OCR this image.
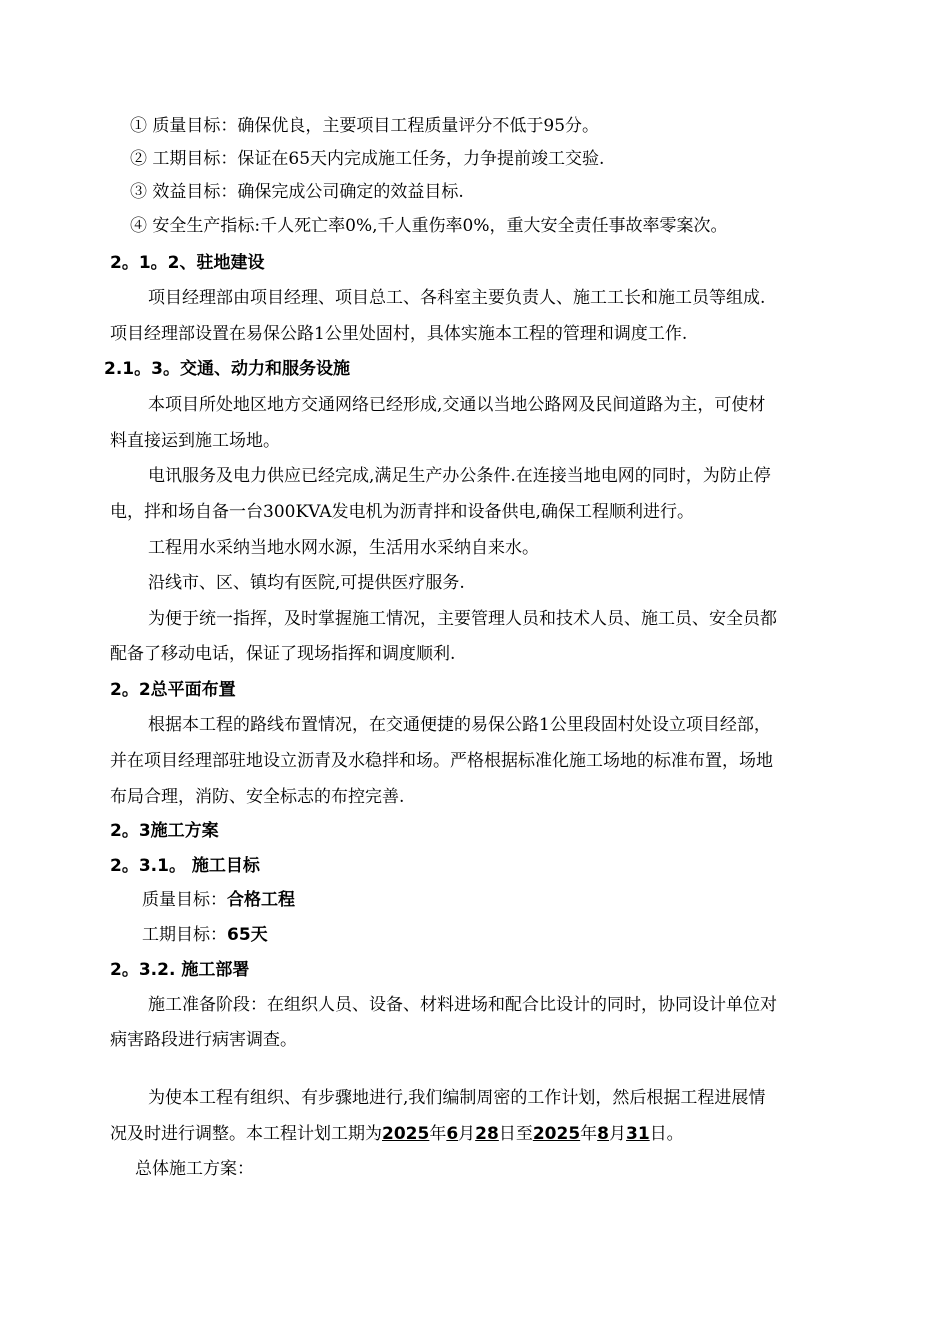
① 质量目标：确保优良，主要项目工程质量评分不低于95分。
② 工期目标：保证在65天内完成施工任务，力争提前竣工交验.
③ 效益目标：确保完成公司确定的效益目标.
④ 安全生产指标:千人死亡率0%,千人重伤率0%，重大安全责任事故率零案次。
2。1。2、驻地建设
项目经理部由项目经理、项目总工、各科室主要负责人、施工工长和施工员等组成.
项目经理部设置在易保公路1公里处固村，具体实施本工程的管理和调度工作.
2.1。3。交通、动力和服务设施
本项目所处地区地方交通网络已经形成,交通以当地公路网及民间道路为主，可使材
料直接运到施工场地。
电讯服务及电力供应已经完成,满足生产办公条件.在连接当地电网的同时，为防止停
电，拌和场自备一台300KVA发电机为沥青拌和设备供电,确保工程顺利进行。
工程用水采纳当地水网水源，生活用水采纳自来水。
沿线市、区、镇均有医院,可提供医疗服务.
为便于统一指挥，及时掌握施工情况，主要管理人员和技术人员、施工员、安全员都
配备了移动电话，保证了现场指挥和调度顺利.
2。2总平面布置
根据本工程的路线布置情况，在交通便捷的易保公路1公里段固村处设立项目经部，
并在项目经理部驻地设立沥青及水稳拌和场。严格根据标准化施工场地的标准布置，场地
布局合理，消防、安全标志的布控完善.
2。3施工方案
2。3.1。 施工目标
质量目标：合格工程
工期目标：65天
2。3.2. 施工部署
施工准备阶段：在组织人员、设备、材料进场和配合比设计的同时，协同设计单位对
病害路段进行病害调查。
为使本工程有组织、有步骤地进行,我们编制周密的工作计划，然后根据工程进展情
况及时进行调整。本工程计划工期为2025年6月28日至2025年8月31日。
总体施工方案：
